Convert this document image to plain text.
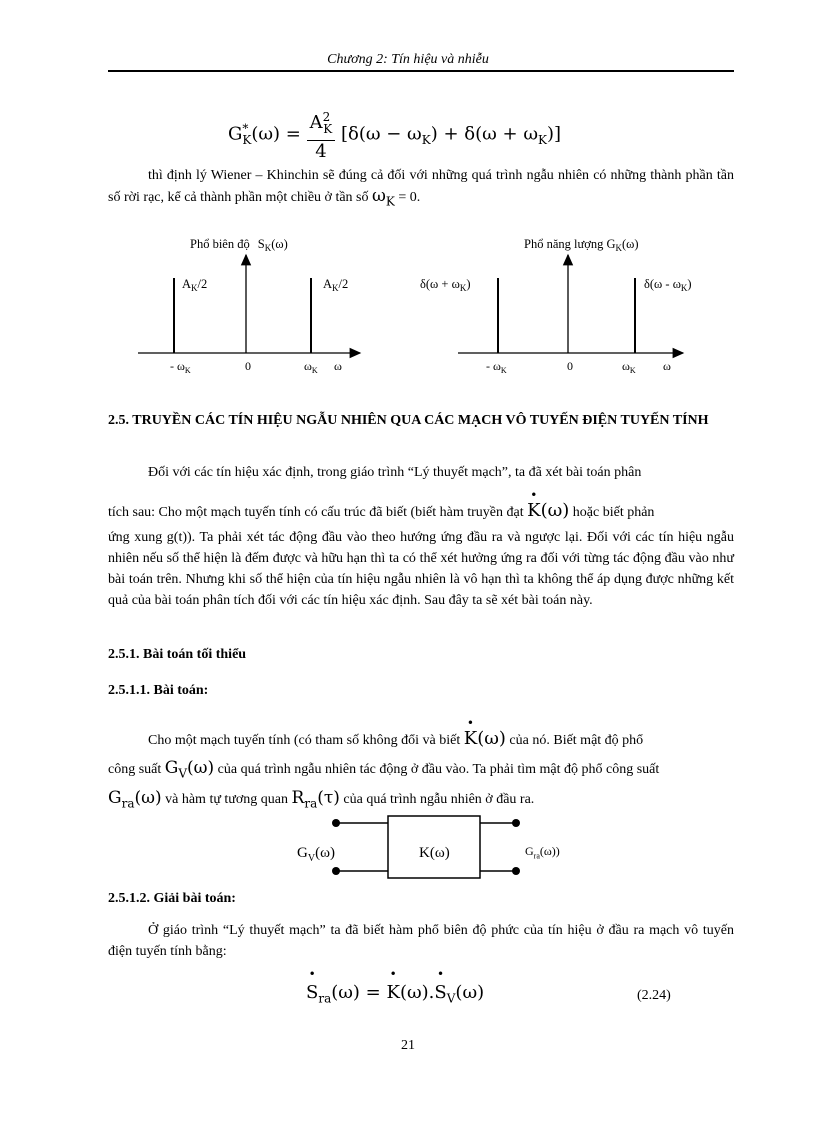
Chương 2: Tín hiệu và nhiễu
$G^*_K(\omega) = \frac{A^2_K}{4} [\delta(\omega - \omega_K) + \delta(\omega + \omega_K)]$
thì định lý Wiener – Khinchin sẽ đúng cả đối với những quá trình ngẫu nhiên có những thành phần tần số rời rạc, kể cả thành phần một chiều ở tần số $\omega_K = 0$.
Phổ biên độ $S_K(\omega)$
$A_K/2$	$A_K/2$
- $\omega_K$	0	$\omega_K$ ω
Phổ năng lượng $G_K(\omega)$
$\delta(\omega + \omega_K)$	$\delta(\omega - \omega_K)$
- $\omega_K$	0	$\omega_K$ ω
2.5. TRUYỀN CÁC TÍN HIỆU NGẪU NHIÊN QUA CÁC MẠCH VÔ TUYẾN ĐIỆN TUYẾN TÍNH
Đối với các tín hiệu xác định, trong giáo trình “Lý thuyết mạch”, ta đã xét bài toán phân
tích sau: Cho một mạch tuyến tính có cấu trúc đã biết (biết hàm truyền đạt • K(ω) hoặc biết phản
ứng xung g(t)). Ta phải xét tác động đầu vào theo hướng ứng đầu ra và ngược lại. Đối với các tín hiệu ngẫu nhiên nếu số thể hiện là đếm được và hữu hạn thì ta có thể xét hưởng ứng ra đối với từng tác động đầu vào như bài toán trên. Nhưng khi số thể hiện của tín hiệu ngẫu nhiên là vô hạn thì ta không thể áp dụng được những kết quả của bài toán phân tích đối với các tín hiệu xác định. Sau đây ta sẽ xét bài toán này.
2.5.1. Bài toán tối thiểu
2.5.1.1. Bài toán:
Cho một mạch tuyến tính (có tham số không đổi và biết • K(ω) của nó. Biết mật độ phổ
công suất $G_V(\omega)$ của quá trình ngẫu nhiên tác động ở đầu vào. Ta phải tìm mật độ phổ công suất
$G_{ra}(\omega)$ và hàm tự tương quan $R_{ra}(\tau)$ của quá trình ngẫu nhiên ở đầu ra.
$G_V(\omega)$	K(ω)	$G_{ra}(\omega)$)
2.5.1.2. Giải bài toán:
Ở giáo trình “Lý thuyết mạch” ta đã biết hàm phổ biên độ phức của tín hiệu ở đầu ra mạch vô tuyến điện tuyến tính bằng:
• $S_{ra}(\omega)$ = • K(ω).• $S_V(\omega)$	(2.24)
21
